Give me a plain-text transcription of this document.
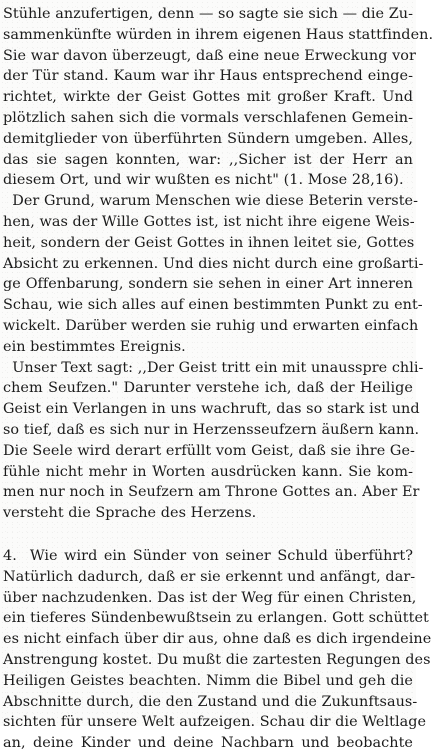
Stühle anzufertigen, denn — so sagte sie sich — die Zu-
sammenkünfte würden in ihrem eigenen Haus stattfinden.
Sie war davon überzeugt, daß eine neue Erweckung vor
der Tür stand. Kaum war ihr Haus entsprechend einge-
richtet, wirkte der Geist Gottes mit großer Kraft. Und
plötzlich sahen sich die vormals verschlafenen Gemein-
demitglieder von überführten Sündern umgeben. Alles,
das sie sagen konnten, war: ,,Sicher ist der Herr an
diesem Ort, und wir wußten es nicht" (1. Mose 28,16).
Der Grund, warum Menschen wie diese Beterin verste-
hen, was der Wille Gottes ist, ist nicht ihre eigene Weis-
heit, sondern der Geist Gottes in ihnen leitet sie, Gottes
Absicht zu erkennen. Und dies nicht durch eine großarti-
ge Offenbarung, sondern sie sehen in einer Art inneren
Schau, wie sich alles auf einen bestimmten Punkt zu ent-
wickelt. Darüber werden sie ruhig und erwarten einfach
ein bestimmtes Ereignis.
Unser Text sagt: ,,Der Geist tritt ein mit unausspre chli-
chem Seufzen." Darunter verstehe ich, daß der Heilige
Geist ein Verlangen in uns wachruft, das so stark ist und
so tief, daß es sich nur in Herzensseufzern äußern kann.
Die Seele wird derart erfüllt vom Geist, daß sie ihre Ge-
fühle nicht mehr in Worten ausdrücken kann. Sie kom-
men nur noch in Seufzern am Throne Gottes an. Aber Er
versteht die Sprache des Herzens.
4.  Wie wird ein Sünder von seiner Schuld überführt?
Natürlich dadurch, daß er sie erkennt und anfängt, dar-
über nachzudenken. Das ist der Weg für einen Christen,
ein tieferes Sündenbewußtsein zu erlangen. Gott schüttet
es nicht einfach über dir aus, ohne daß es dich irgendeine
Anstrengung kostet. Du mußt die zartesten Regungen des
Heiligen Geistes beachten. Nimm die Bibel und geh die
Abschnitte durch, die den Zustand und die Zukunftsaus-
sichten für unsere Welt aufzeigen. Schau dir die Weltlage
an, deine Kinder und deine Nachbarn und beobachte
